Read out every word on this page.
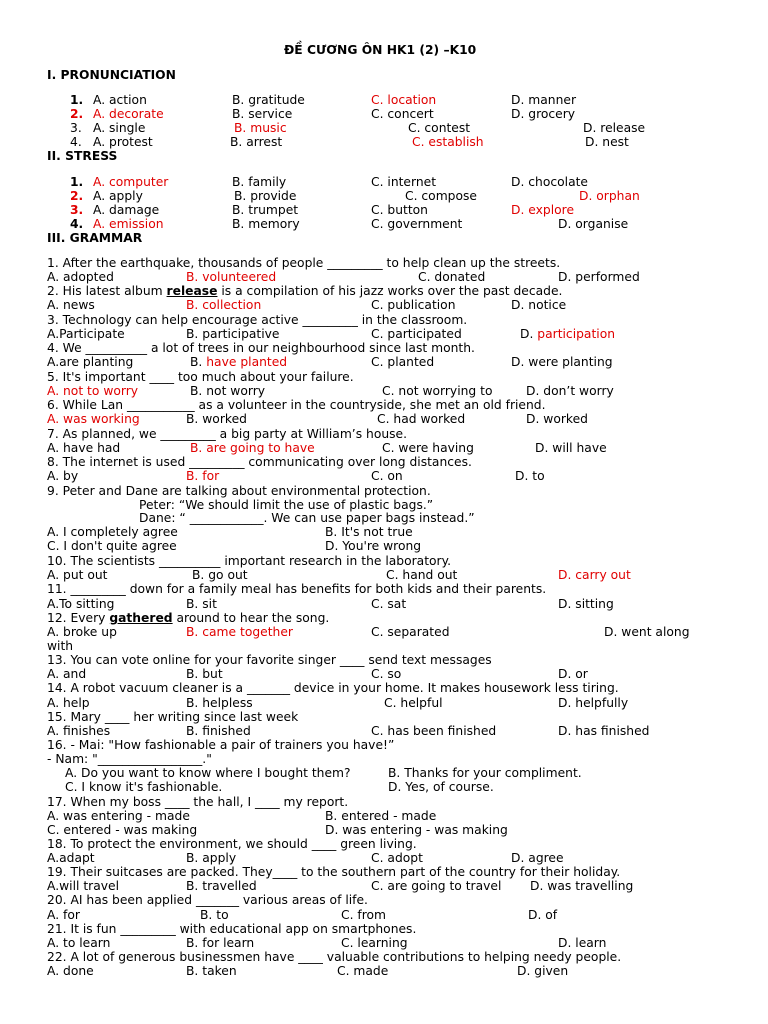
ĐỀ CƯƠNG ÔN HK1 (2) –K10
I. PRONUNCIATION
1. A. action	B. gratitude	C. location	D. manner
2. A. decorate	B. service	C. concert	D. grocery
3. A. single	B. music	C. contest	D. release
4. A. protest	B. arrest	C. establish	D. nest
II. STRESS
1. A. computer	B. family	C. internet	D. chocolate
2. A. apply	B. provide	C. compose	D. orphan
3. A. damage	B. trumpet	C. button	D. explore
4. A. emission	B. memory	C. government	D. organise
III. GRAMMAR
1. After the earthquake, thousands of people _________ to help clean up the streets.
A. adopted	B. volunteered	C. donated	D. performed
2. His latest album release is a compilation of his jazz works over the past decade.
A. news	B. collection	C. publication	D. notice
3. Technology can help encourage active _________ in the classroom.
A.Participate	B. participative	C. participated	D. participation
4. We __________ a lot of trees in our neighbourhood since last month.
A.are planting	B. have planted	C. planted	D. were planting
5. It's important ____ too much about your failure.
A. not to worry	B. not worry	C. not worrying to	D. don’t worry
6. While Lan ___________ as a volunteer in the countryside, she met an old friend.
A. was working	B. worked	C. had worked	D. worked
7. As planned, we _________ a big party at William’s house.
A. have had	B. are going to have	C. were having	D. will have
8. The internet is used _________ communicating over long distances.
A. by	B. for	C. on	D. to
9. Peter and Dane are talking about environmental protection.
Peter: “We should limit the use of plastic bags.”
Dane: “ ____________. We can use paper bags instead.”
A. I completely agree	B. It's not true
C. I don't quite agree	D. You're wrong
10. The scientists __________ important research in the laboratory.
A. put out	B. go out	C. hand out	D. carry out
11. _________ down for a family meal has benefits for both kids and their parents.
A.To sitting	B. sit	C. sat	D. sitting
12. Every gathered around to hear the song.
A. broke up	B. came together	C. separated	D. went along
with
13. You can vote online for your favorite singer ____ send text messages
A. and	B. but	C. so	D. or
14. A robot vacuum cleaner is a _______ device in your home. It makes housework less tiring.
A. help	B. helpless	C. helpful	D. helpfully
15. Mary ____ her writing since last week
A. finishes	B. finished	C. has been finished	D. has finished
16. - Mai: "How fashionable a pair of trainers you have!”
- Nam: "_________________."
A. Do you want to know where I bought them?	B. Thanks for your compliment.
C. I know it's fashionable.	D. Yes, of course.
17. When my boss ____ the hall, I ____ my report.
A. was entering - made	B. entered - made
C. entered - was making	D. was entering - was making
18. To protect the environment, we should ____ green living.
A.adapt	B. apply	C. adopt	D. agree
19. Their suitcases are packed. They____ to the southern part of the country for their holiday.
A.will travel	B. travelled	C. are going to travel D. was travelling
20. AI has been applied _______ various areas of life.
A. for	B. to	C. from	D. of
21. It is fun _________ with educational app on smartphones.
A. to learn	B. for learn	C. learning	D. learn
22. A lot of generous businessmen have ____ valuable contributions to helping needy people.
A. done	B. taken	C. made	D. given
